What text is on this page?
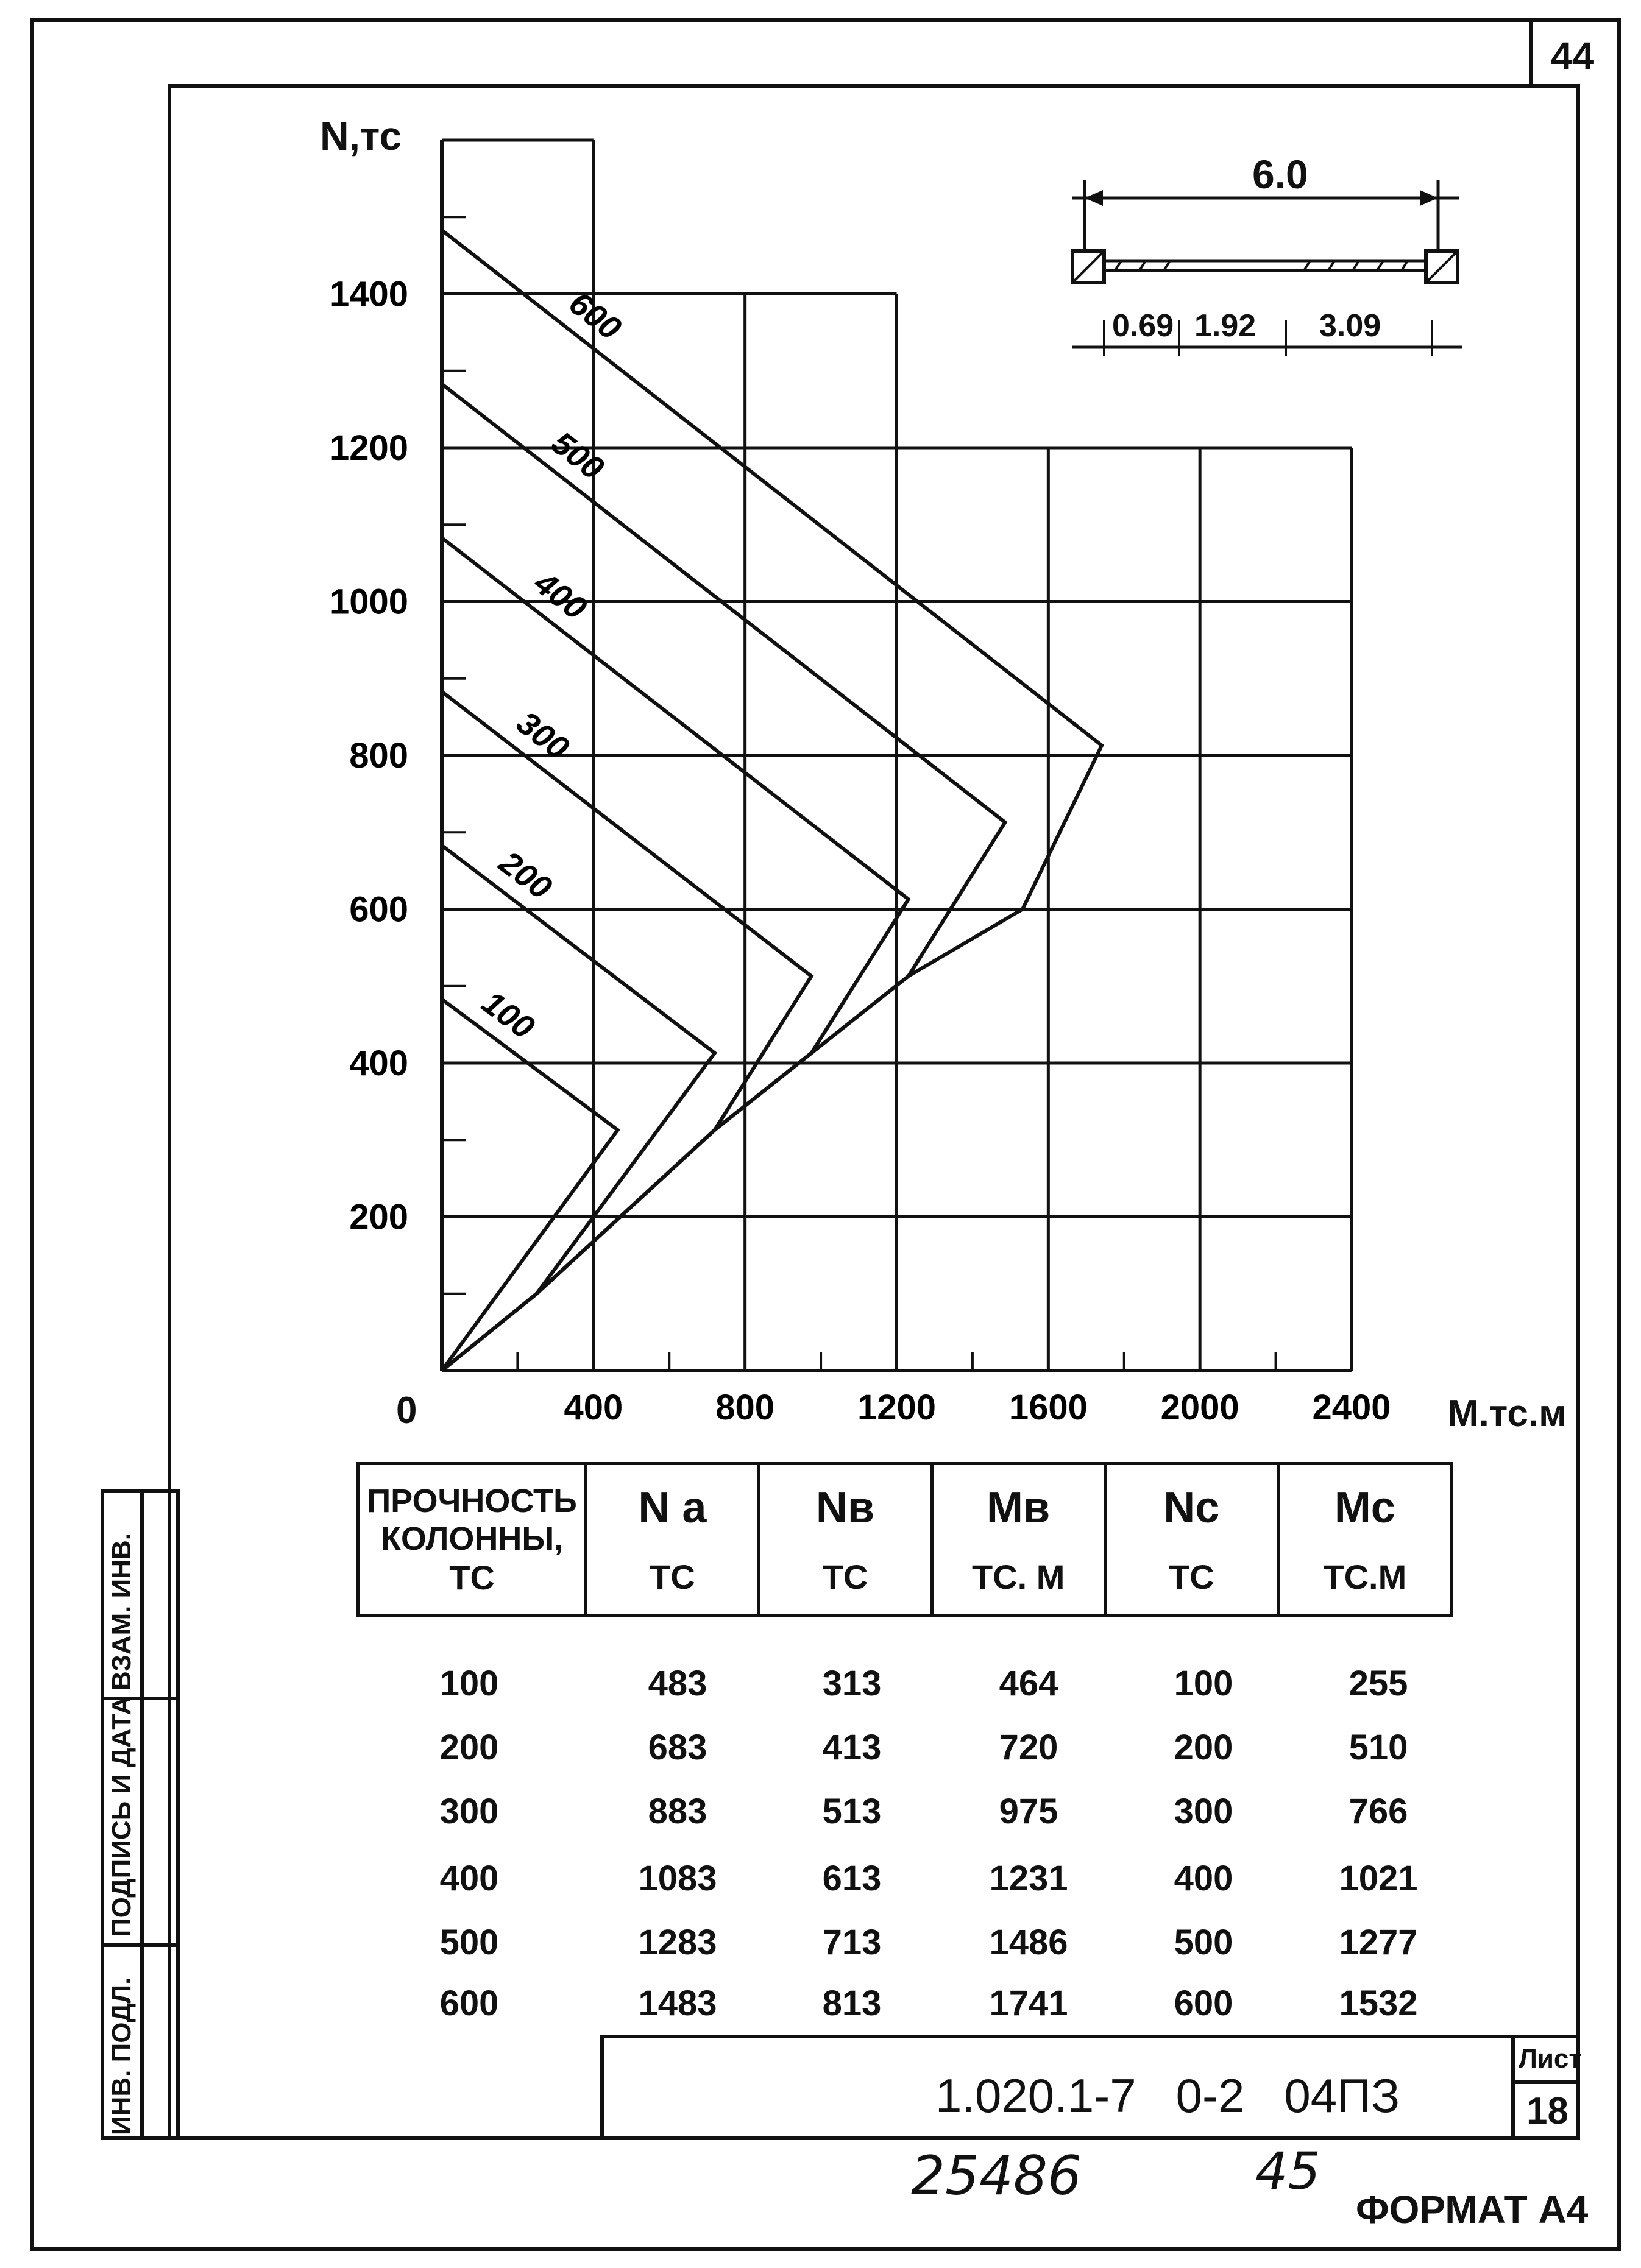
44
200
400
600
800
1000
1200
1400
400	800 1200 1600 2000 2400
100
200
300
400
500
600
N,тс
M.тс.м
0
6.0
0.69 1.92 3.09
ПРОЧНОСТЬ КОЛОННЫ,
ТС

N a
ТС

Nв
ТС

Mв
ТС. М

Nс
ТС

Mс
ТС.М
100	483	313	464	100	255
200	683	413	720	200	510
300	883	513	975	300	766
400	1083	613	1231	400	1021
500	1283	713	1486	500	1277
600	1483	813	1741	600	1532
1.020.1-7   0-2   04ПЗ
Лист
18
ВЗАМ. ИНВ.
ПОДПИСЬ И ДАТА
ИНВ. ПОДЛ.
25486	45
ФОРМАТ А4
